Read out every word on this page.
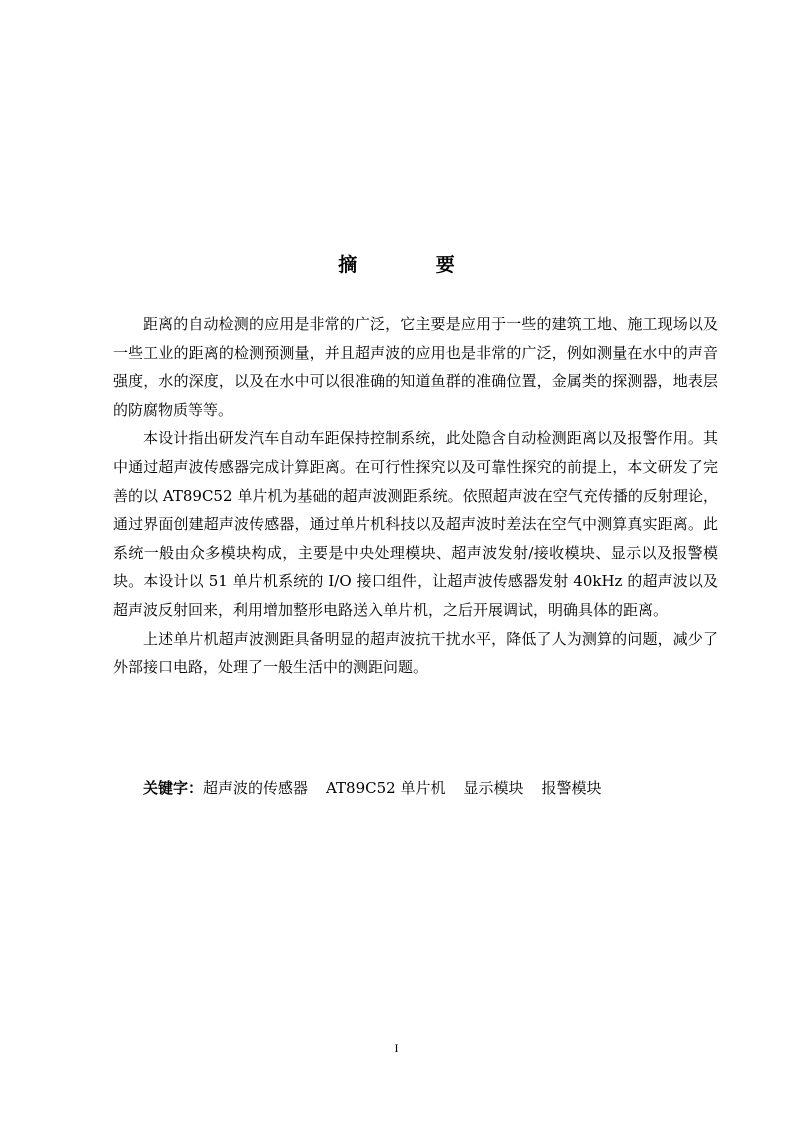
摘 要

距离的自动检测的应用是非常的广泛，它主要是应用于一些的建筑工地、施工现场以及一些工业的距离的检测预测量，并且超声波的应用也是非常的广泛，例如测量在水中的声音强度，水的深度，以及在水中可以很准确的知道鱼群的准确位置，金属类的探测器，地表层的防腐物质等等。

本设计指出研发汽车自动车距保持控制系统，此处隐含自动检测距离以及报警作用。其中通过超声波传感器完成计算距离。在可行性探究以及可靠性探究的前提上，本文研发了完善的以 AT89C52 单片机为基础的超声波测距系统。依照超声波在空气充传播的反射理论，通过界面创建超声波传感器，通过单片机科技以及超声波时差法在空气中测算真实距离。此系统一般由众多模块构成，主要是中央处理模块、超声波发射/接收模块、显示以及报警模块。本设计以 51 单片机系统的 I/O 接口组件，让超声波传感器发射 40kHz 的超声波以及超声波反射回来，利用增加整形电路送入单片机，之后开展调试，明确具体的距离。

上述单片机超声波测距具备明显的超声波抗干扰水平，降低了人为测算的问题，减少了外部接口电路，处理了一般生活中的测距问题。

关键字：超声波的传感器 AT89C52 单片机 显示模块 报警模块
I
